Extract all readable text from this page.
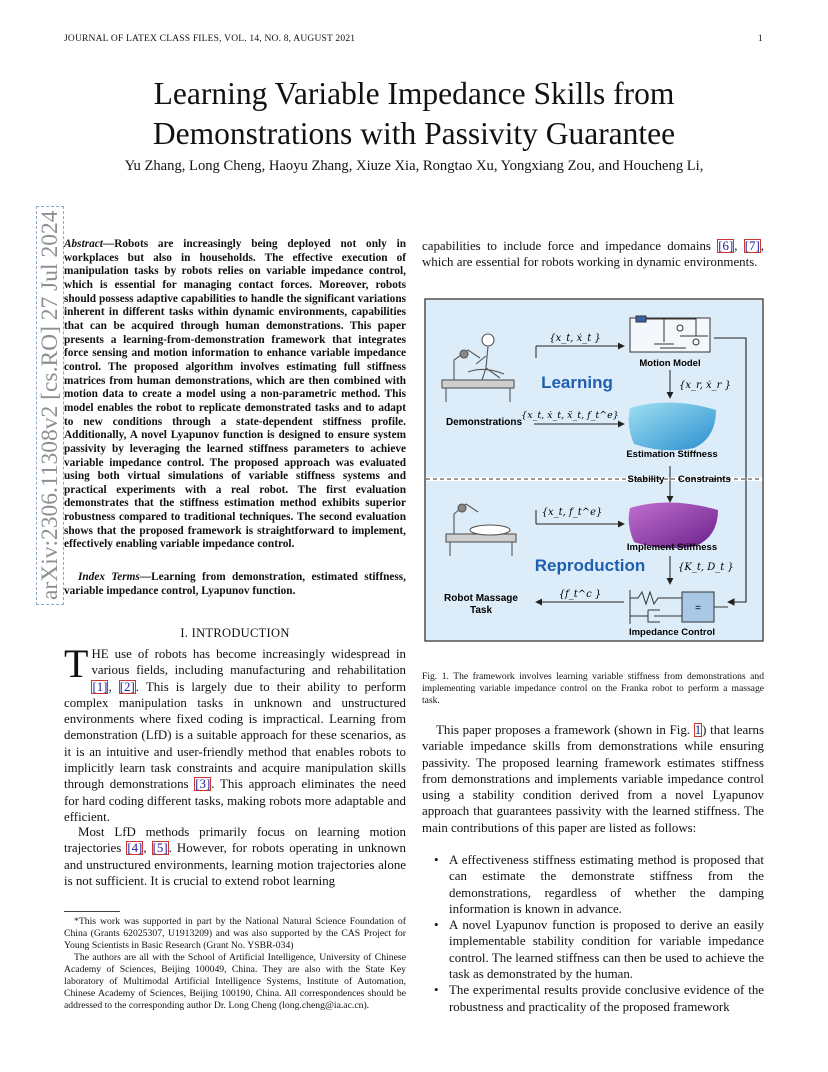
JOURNAL OF LATEX CLASS FILES, VOL. 14, NO. 8, AUGUST 2021	1
arXiv:2306.11308v2 [cs.RO] 27 Jul 2024
Learning Variable Impedance Skills from
Demonstrations with Passivity Guarantee
Yu Zhang, Long Cheng, Haoyu Zhang, Xiuze Xia, Rongtao Xu, Yongxiang Zou, and Houcheng Li,
Abstract—Robots are increasingly being deployed not only in workplaces but also in households. The effective execution of manipulation tasks by robots relies on variable impedance control, which is essential for managing contact forces. Moreover, robots should possess adaptive capabilities to handle the significant variations inherent in different tasks within dynamic environments, capabilities that can be acquired through human demonstrations. This paper presents a learning-from-demonstration framework that integrates force sensing and motion information to enhance variable impedance control. The proposed algorithm involves estimating full stiffness matrices from human demonstrations, which are then combined with motion data to create a model using a non-parametric method. This model enables the robot to replicate demonstrated tasks and to adapt to new conditions through a state-dependent stiffness profile. Additionally, A novel Lyapunov function is designed to ensure system passivity by leveraging the learned stiffness parameters to achieve variable impedance control. The proposed approach was evaluated using both virtual simulations of variable stiffness systems and practical experiments with a real robot. The first evaluation demonstrates that the stiffness estimation method exhibits superior robustness compared to traditional techniques. The second evaluation shows that the proposed framework is straightforward to implement, effectively enabling variable impedance control.
Index Terms—Learning from demonstration, estimated stiffness, variable impedance control, Lyapunov function.
I. INTRODUCTION
THE use of robots has become increasingly widespread in various fields, including manufacturing and rehabilitation [1], [2]. This is largely due to their ability to perform complex manipulation tasks in unknown and unstructured environments where fixed coding is impractical. Learning from demonstration (LfD) is a suitable approach for these scenarios, as it is an intuitive and user-friendly method that enables robots to implicitly learn task constraints and acquire manipulation skills through demonstrations [3]. This approach eliminates the need for hard coding different tasks, making robots more adaptable and efficient.
Most LfD methods primarily focus on learning motion trajectories [4], [5]. However, for robots operating in unknown and unstructured environments, learning motion trajectories alone is not sufficient. It is crucial to extend robot learning

*This work was supported in part by the National Natural Science Foundation of China (Grants 62025307, U1913209) and was also supported by the CAS Project for Young Scientists in Basic Research (Grant No. YSBR-034)

The authors are all with the School of Artificial Intelligence, University of Chinese Academy of Sciences, Beijing 100049, China. They are also with the State Key laboratory of Multimodal Artificial Intelligence Systems, Institute of Automation, Chinese Academy of Sciences, Beijing 100190, China. All correspondences should be addressed to the corresponding author Dr. Long Cheng (long.cheng@ia.ac.cn).

capabilities to include force and impedance domains [6], [7], which are essential for robots working in dynamic environments.
Demonstrations
Motion Model
Learning
{x_t, ẋ_t }
{x_r, ẋ_r }
{x_t, ẋ_t, ẍ_t, f_t^e}
Estimation Stiffness
Stability Constraints
Implement Stiffness
{x_t, f_t^e}
Reproduction	{K_t, D_t }
Robot Massage
Task
{f_t^c }
=
Impedance Control
Fig. 1. The framework involves learning variable stiffness from demonstrations and implementing variable impedance control on the Franka robot to perform a massage task.
This paper proposes a framework (shown in Fig. 1) that learns variable impedance skills from demonstrations while ensuring passivity. The proposed learning framework estimates stiffness from demonstrations and implements variable impedance control using a stability condition derived from a novel Lyapunov approach that guarantees passivity with the learned stiffness. The main contributions of this paper are listed as follows:
• A effectiveness stiffness estimating method is proposed that can estimate the demonstrate stiffness from the demonstrations, regardless of whether the damping information is known in advance.
• A novel Lyapunov function is proposed to derive an easily implementable stability condition for variable impedance control. The learned stiffness can then be used to achieve the task as demonstrated by the human.
• The experimental results provide conclusive evidence of the robustness and practicality of the proposed framework
